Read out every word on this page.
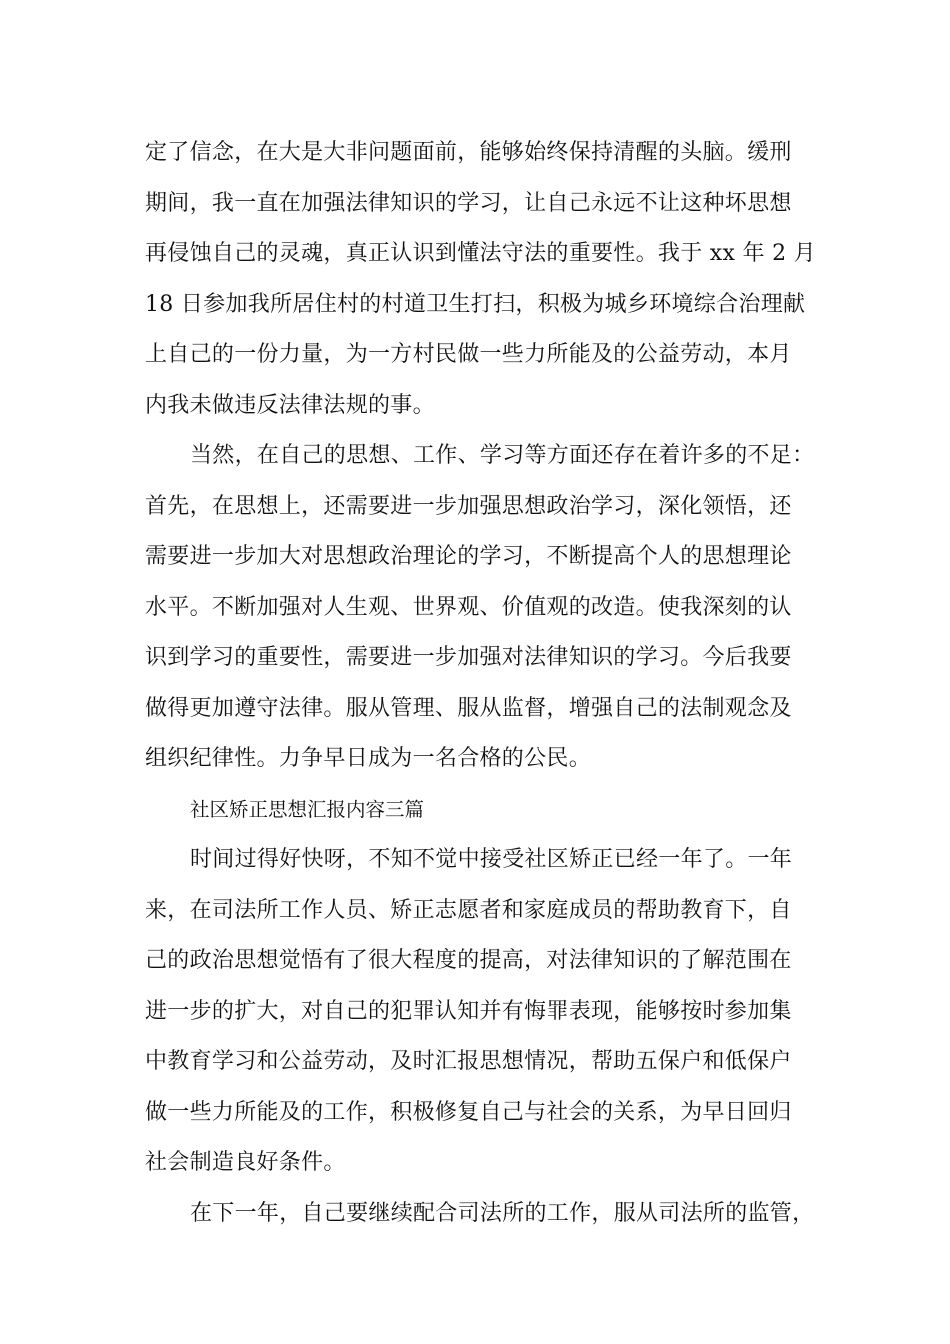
定了信念，在大是大非问题面前，能够始终保持清醒的头脑。缓刑
期间，我一直在加强法律知识的学习，让自己永远不让这种坏思想
再侵蚀自己的灵魂，真正认识到懂法守法的重要性。我于 xx 年 2 月
18 日参加我所居住村的村道卫生打扫，积极为城乡环境综合治理献
上自己的一份力量，为一方村民做一些力所能及的公益劳动，本月
内我未做违反法律法规的事。
当然，在自己的思想、工作、学习等方面还存在着许多的不足：
首先，在思想上，还需要进一步加强思想政治学习，深化领悟，还
需要进一步加大对思想政治理论的学习，不断提高个人的思想理论
水平。不断加强对人生观、世界观、价值观的改造。使我深刻的认
识到学习的重要性，需要进一步加强对法律知识的学习。今后我要
做得更加遵守法律。服从管理、服从监督，增强自己的法制观念及
组织纪律性。力争早日成为一名合格的公民。
社区矫正思想汇报内容三篇
时间过得好快呀，不知不觉中接受社区矫正已经一年了。一年
来，在司法所工作人员、矫正志愿者和家庭成员的帮助教育下，自
己的政治思想觉悟有了很大程度的提高，对法律知识的了解范围在
进一步的扩大，对自己的犯罪认知并有悔罪表现，能够按时参加集
中教育学习和公益劳动，及时汇报思想情况，帮助五保户和低保户
做一些力所能及的工作，积极修复自己与社会的关系，为早日回归
社会制造良好条件。
在下一年，自己要继续配合司法所的工作，服从司法所的监管，
